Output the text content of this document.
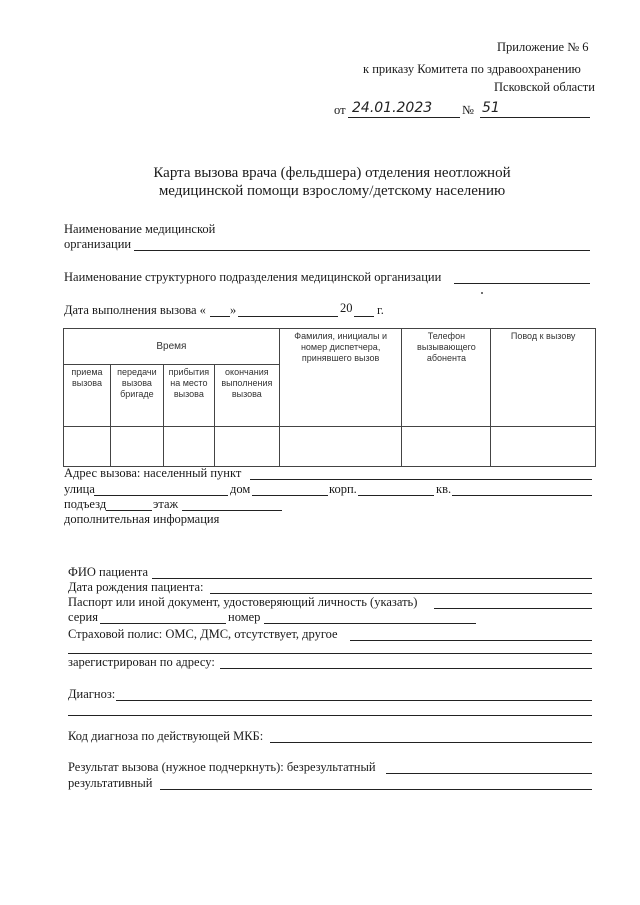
Приложение № 6
к приказу Комитета по здравоохранению
Псковской области
от 24.01.2023 № 51
Карта вызова врача (фельдшера) отделения неотложной
медицинской помощи взрослому/детскому населению
Наименование медицинской
организации
Наименование структурного подразделения медицинской организации
Дата выполнения вызова « »	20 г.
Время				Фамилия, инициалы и номер диспетчера, принявшего вызов	Телефон вызывающего абонента	Повод к вызову
приема вызова	передачи вызова бригаде	прибытия на место вызова	окончания выполнения вызова			

Адрес вызова: населенный пункт
улица	дом	корп.	кв.
подъезд	этаж
дополнительная информация
ФИО пациента
Дата рождения пациента:
Паспорт или иной документ, удостоверяющий личность (указать)
серия	номер
Страховой полис: ОМС, ДМС, отсутствует, другое
зарегистрирован по адресу:
Диагноз:
Код диагноза по действующей МКБ:
Результат вызова (нужное подчеркнуть): безрезультатный
результативный
